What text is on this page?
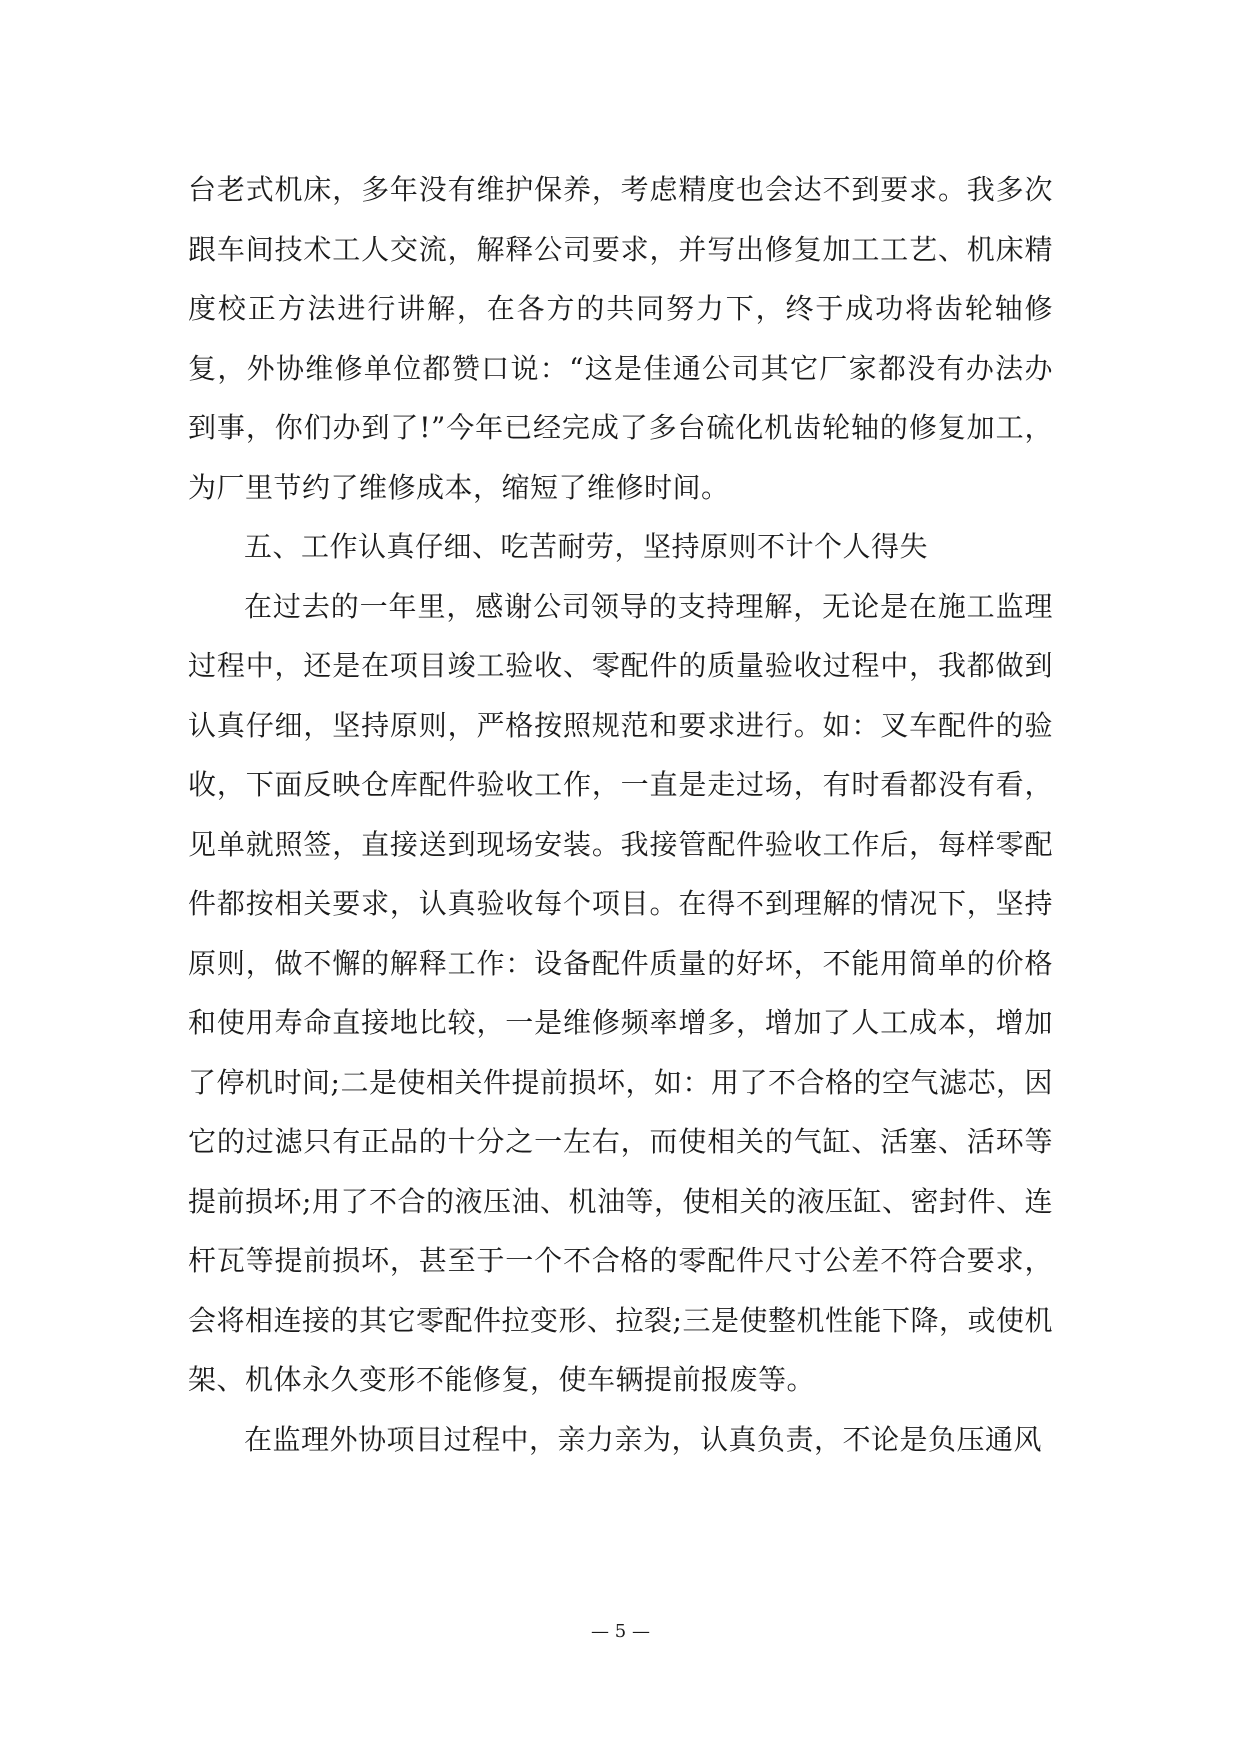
台老式机床，多年没有维护保养，考虑精度也会达不到要求。我多次跟车间技术工人交流，解释公司要求，并写出修复加工工艺、机床精度校正方法进行讲解，在各方的共同努力下，终于成功将齿轮轴修复，外协维修单位都赞口说：“这是佳通公司其它厂家都没有办法办到事，你们办到了!”今年已经完成了多台硫化机齿轮轴的修复加工，为厂里节约了维修成本，缩短了维修时间。

五、工作认真仔细、吃苦耐劳，坚持原则不计个人得失

在过去的一年里，感谢公司领导的支持理解，无论是在施工监理过程中，还是在项目竣工验收、零配件的质量验收过程中，我都做到认真仔细，坚持原则，严格按照规范和要求进行。如：叉车配件的验收，下面反映仓库配件验收工作，一直是走过场，有时看都没有看，见单就照签，直接送到现场安装。我接管配件验收工作后，每样零配件都按相关要求，认真验收每个项目。在得不到理解的情况下，坚持原则，做不懈的解释工作：设备配件质量的好坏，不能用简单的价格和使用寿命直接地比较，一是维修频率增多，增加了人工成本，增加了停机时间;二是使相关件提前损坏，如：用了不合格的空气滤芯，因它的过滤只有正品的十分之一左右，而使相关的气缸、活塞、活环等提前损坏;用了不合的液压油、机油等，使相关的液压缸、密封件、连杆瓦等提前损坏，甚至于一个不合格的零配件尺寸公差不符合要求，会将相连接的其它零配件拉变形、拉裂;三是使整机性能下降，或使机架、机体永久变形不能修复，使车辆提前报废等。

在监理外协项目过程中，亲力亲为，认真负责，不论是负压通风

— 5 —
